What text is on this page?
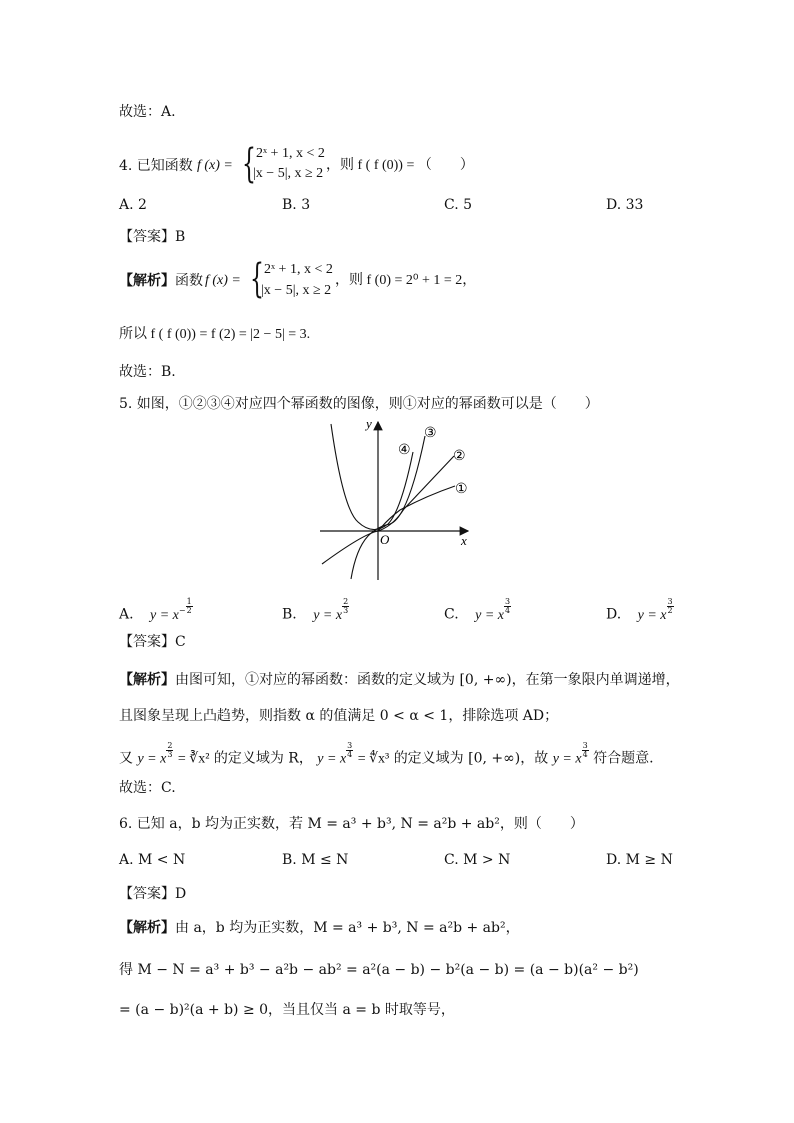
故选：A.
4. 已知函数 f (x) = { 2ˣ + 1, x < 2
|x − 5|, x ≥ 2
，则 f ( f (0)) = （　　）
A. 2	B. 3	C. 5	D. 33
【答案】B
【解析】 函数 f (x) = { 2ˣ + 1, x < 2
|x − 5|, x ≥ 2
，则 f (0) = 2⁰ + 1 = 2，
所以 f ( f (0)) = f (2) = |2 − 5| = 3.
故选：B.
5. 如图，①②③④对应四个幂函数的图像，则①对应的幂函数可以是（　　）
x
y
O
①
②
③
④
A. $y = x - \frac{1}{2}$	B. y = x
$\frac{2}{3}$	C. y = x
$\frac{3}{4}$	D. y = x
$\frac{3}{2}$
【答案】C
【解析】由图可知，①对应的幂函数：函数的定义域为 [0, +∞)，在第一象限内单调递增，
且图象呈现上凸趋势，则指数 α 的值满足 0 < α < 1，排除选项 AD；
又 y = x
$\frac{2}{3}$
= ∛x² 的定义域为 R， y = x
$\frac{3}{4}$
= ∜x³ 的定义域为 [0, +∞)，故 y = x
$\frac{3}{4}$ 符合题意.
故选：C.
6. 已知 a，b 均为正实数，若 M = a³ + b³, N = a²b + ab²，则（　　）
A. M < N	B. M ≤ N	C. M > N	D. M ≥ N
【答案】D
【解析】由 a，b 均为正实数，M = a³ + b³, N = a²b + ab²，
得 M − N = a³ + b³ − a²b − ab² = a²(a − b) − b²(a − b) = (a − b)(a² − b²)
= (a − b)²(a + b) ≥ 0，当且仅当 a = b 时取等号，
